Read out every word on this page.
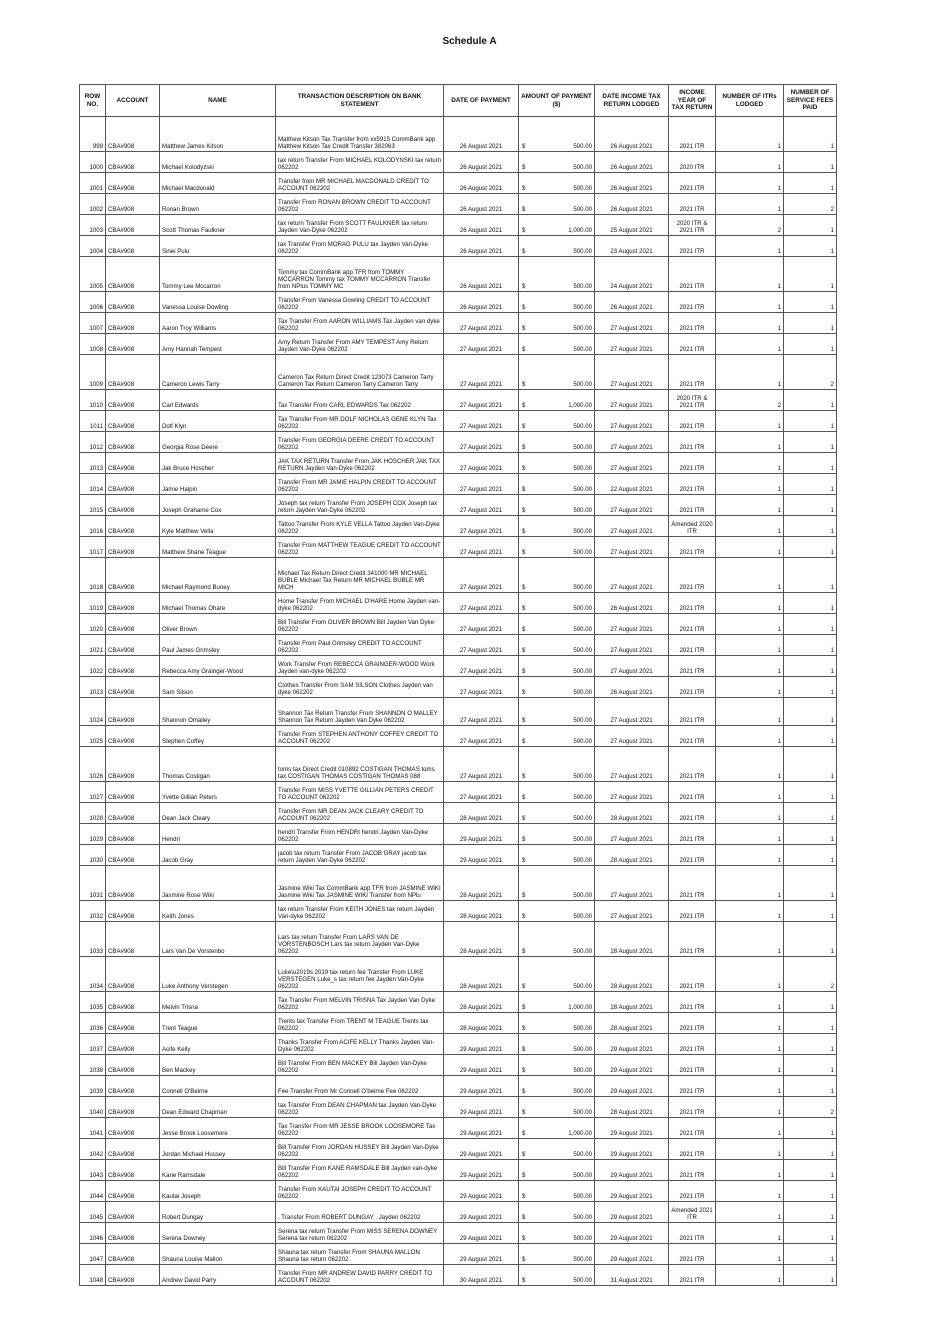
Schedule A
ROW NO.	ACCOUNT	NAME	TRANSACTION DESCRIPTION ON BANK STATEMENT	DATE OF PAYMENT	AMOUNT OF PAYMENT ($)	DATE INCOME TAX RETURN LODGED	INCOME YEAR OF TAX RETURN	NUMBER OF ITRs LODGED	NUMBER OF SERVICE FEES PAID
999	CBA#908	Matthew James Kitson	Matthew Kitson Tax Transfer from xx5915 CommBank app Matthew Kitson Tax Credit Transfer 382063	26 August 2021	$ 500.00	26 August 2021	2021 ITR	1	1
1000	CBA#908	Michael Kolodyzski	tax return Transfer From MICHAEL KOLODYNSKI tax return 062202	26 August 2021	$ 500.00	26 August 2021	2020 ITR	1	1
1001	CBA#908	Michael Macdonald	Transfer from MR MICHAEL MACDONALD CREDIT TO ACCOUNT 062202	26 August 2021	$ 500.00	26 August 2021	2021 ITR	1	1
1002	CBA#908	Ronan Brown	Transfer From RONAN BROWN CREDIT TO ACCOUNT 062202	26 August 2021	$ 500.00	26 August 2021	2021 ITR	1	2
1003	CBA#908	Scott Thomas Faulkner	tax return Transfer From SCOTT FAULKNER tax return Jayden Van-Dyke 062202	26 August 2021	$ 1,000.00	25 August 2021	2020 ITR & 2021 ITR	2	1
1004	CBA#908	Sinei Pulu	tax Transfer From MORAG PULU tax Jayden Van-Dyke 062202	26 August 2021	$ 500.00	23 August 2021	2021 ITR	1	1
1005	CBA#908	Tommy Lee Mccarron	Tommy tax CommBank app TFR from TOMMY MCCARRON Tommy tax TOMMY MCCARRON Transfer from NPlus TOMMY MC	26 August 2021	$ 500.00	24 August 2021	2021 ITR	1	1
1006	CBA#908	Vanessa Louise Dowling	Transfer From Vanessa Dowling CREDIT TO ACCOUNT 062202	26 August 2021	$ 500.00	26 August 2021	2021 ITR	1	1
1007	CBA#908	Aaron Troy Williams	Tax Transfer From AARON WILLIAMS Tax Jayden van dyke 062202	27 August 2021	$ 500.00	27 August 2021	2021 ITR	1	1
1008	CBA#908	Amy Hannah Tempest	Amy Return Transfer From AMY TEMPEST Amy Return Jayden Van-Dyke 062202	27 August 2021	$ 500.00	27 August 2021	2021 ITR	1	1
1009	CBA#908	Cameron Lewis Tarry	Cameron Tax Return Direct Credit 123073 Cameron Tarry Cameron Tax Return Cameron Tarry Cameron Tarry	27 August 2021	$ 500.00	27 August 2021	2021 ITR	1	2
1010	CBA#908	Carl Edwards	Tax Transfer From CARL EDWARDS Tax 062202	27 August 2021	$ 1,000.00	27 August 2021	2020 ITR & 2021 ITR	2	1
1011	CBA#908	Dolf Klyn	Tax Transfer From MR DOLF NICHOLAS GENE KLYN Tax 062202	27 August 2021	$ 500.00	27 August 2021	2021 ITR	1	1
1012	CBA#908	Georgia Rose Deere	Transfer From GEORGIA DEERE CREDIT TO ACCOUNT 062202	27 August 2021	$ 500.00	27 August 2021	2021 ITR	1	1
1013	CBA#908	Jak Bruce Hoscher	JAK TAX RETURN Transfer From JAK HOSCHER JAK TAX RETURN Jayden Van-Dyke 062202	27 August 2021	$ 500.00	27 August 2021	2021 ITR	1	1
1014	CBA#908	Jamie Halpin	Transfer From MR JAMIE HALPIN CREDIT TO ACCOUNT 062202	27 August 2021	$ 500.00	22 August 2021	2021 ITR	1	1
1015	CBA#908	Joseph Grahame Cox	Joseph tax return Transfer From JOSEPH COX Joseph tax return Jayden Van-Dyke 062202	27 August 2021	$ 500.00	27 August 2021	2021 ITR	1	1
1016	CBA#908	Kyle Matthew Vella	Tattoo Transfer From KYLE VELLA Tattoo Jayden Van-Dyke 062202	27 August 2021	$ 500.00	27 August 2021	Amended 2020 ITR	1	1
1017	CBA#908	Matthew Shane Teague	Transfer From MATTHEW TEAGUE CREDIT TO ACCOUNT 062202	27 August 2021	$ 500.00	27 August 2021	2021 ITR	1	1
1018	CBA#908	Michael Raymond Buney	Michael Tax Return Direct Credit 341000 MR MICHAEL BUBLE Michael Tax Return MR MICHAEL BUBLE MR MICH	27 August 2021	$ 500.00	27 August 2021	2021 ITR	1	1
1019	CBA#908	Michael Thomas Ohare	Home Transfer From MICHAEL O'HARE Home Jayden van-dyke 062202	27 August 2021	$ 500.00	26 August 2021	2021 ITR	1	1
1020	CBA#908	Oliver Brown	Bill Transfer From OLIVER BROWN Bill Jayden Van Dyke 062202	27 August 2021	$ 500.00	27 August 2021	2021 ITR	1	1
1021	CBA#908	Paul James Grimsley	Transfer From Paul Grimsley CREDIT TO ACCOUNT 062202	27 August 2021	$ 500.00	27 August 2021	2021 ITR	1	1
1022	CBA#908	Rebecca Amy Grainger-Wood	Work Transfer From REBECCA GRAINGER-WOOD Work Jayden van-dyke 062202	27 August 2021	$ 500.00	27 August 2021	2021 ITR	1	1
1023	CBA#908	Sam Silson	Clothes Transfer From SAM SILSON Clothes Jayden van dyke 062202	27 August 2021	$ 500.00	26 August 2021	2021 ITR	1	1
1024	CBA#908	Shannon Omalley	Shannon Tax Return Transfer From SHANNON O MALLEY Shannon Tax Return Jayden Van Dyke 062202	27 August 2021	$ 500.00	27 August 2021	2021 ITR	1	1
1025	CBA#908	Stephen Coffey	Transfer From STEPHEN ANTHONY COFFEY CREDIT TO ACCOUNT 062202	27 August 2021	$ 500.00	27 August 2021	2021 ITR	1	1
1026	CBA#908	Thomas Costigan	toms tax Direct Credit 010892 COSTIGAN THOMAS toms tax COSTIGAN THOMAS COSTIGAN THOMAS 088	27 August 2021	$ 500.00	27 August 2021	2021 ITR	1	1
1027	CBA#908	Yvette Gillian Peters	Transfer From MISS YVETTE GILLIAN PETERS CREDIT TO ACCOUNT 062202	27 August 2021	$ 500.00	27 August 2021	2021 ITR	1	1
1028	CBA#908	Dean Jack Cleary	Transfer From MR DEAN JACK CLEARY CREDIT TO ACCOUNT 062202	28 August 2021	$ 500.00	28 August 2021	2021 ITR	1	1
1029	CBA#908	Hendri	hendri Transfer From HENDRI hendri Jayden Van-Dyke 062202	29 August 2021	$ 500.00	27 August 2021	2021 ITR	1	1
1030	CBA#908	Jacob Gray	jacob tax return Transfer From JACOB GRAY jacob tax return Jayden Van-Dyke 062202	29 August 2021	$ 500.00	28 August 2021	2021 ITR	1	1
1031	CBA#908	Jasmine Rose Wiki	Jasmine Wiki Tax CommBank app TFR from JASMINE WIKI Jasmine Wiki Tax JASMINE WIKI Transfer from NPlu	28 August 2021	$ 500.00	27 August 2021	2021 ITR	1	1
1032	CBA#908	Keith Jones	tax return Transfer From KEITH JONES tax return Jayden Van-dyke 062202	28 August 2021	$ 500.00	27 August 2021	2021 ITR	1	1
1033	CBA#908	Lars Van De Vorstenbo	Lars tax return Transfer From LARS VAN DE VORSTENBOSCH Lars tax return Jayden Van-Dyke 062202	28 August 2021	$ 500.00	28 August 2021	2021 ITR	1	1
1034	CBA#908	Luke Anthony Verstegen	Luke\u2019s 2019 tax return fee Transfer From LUKE VERSTEGEN Luke_s tax return fee Jayden Van-Dyke 062202	28 August 2021	$ 500.00	28 August 2021	2021 ITR	1	2
1035	CBA#908	Melvin Trisna	Tax Transfer From MELVIN TRISNA Tax Jayden Van Dyke 062202	28 August 2021	$ 1,000.00	28 August 2021	2021 ITR	1	1
1036	CBA#908	Trent Teague	Trents tax Transfer From TRENT M TEAGUE Trents tax 062202	28 August 2021	$ 500.00	28 August 2021	2021 ITR	1	1
1037	CBA#908	Acife Kelly	Thanks Transfer From ACIFE KELLY Thanks Jayden Van-Dyke 062202	29 August 2021	$ 500.00	29 August 2021	2021 ITR	1	1
1038	CBA#908	Ben Mackey	Bill Transfer From BEN MACKEY Bill Jayden Van-Dyke 062202	29 August 2021	$ 500.00	29 August 2021	2021 ITR	1	1
1039	CBA#908	Connell O'Beirne	Fee Transfer From Mr Connell O'beirne Fee 062202	29 August 2021	$ 500.00	29 August 2021	2021 ITR	1	1
1040	CBA#908	Dean Edward Chapman	tax Transfer From DEAN CHAPMAN tax Jayden Van-Dyke 062202	29 August 2021	$ 500.00	28 August 2021	2021 ITR	1	2
1041	CBA#908	Jesse Brook Loosemore	Tax Transfer From MR JESSE BROOK LOOSEMORE Tax 062202	29 August 2021	$ 1,000.00	29 August 2021	2021 ITR	1	1
1042	CBA#908	Jordan Michael Hussey	Bill Transfer From JORDAN HUSSEY Bill Jayden Van-Dyke 062202	29 August 2021	$ 500.00	29 August 2021	2021 ITR	1	1
1043	CBA#908	Kane Ramsdale	Bill Transfer From KANE RAMSDALE Bill Jayden van-dyke 062202	29 August 2021	$ 500.00	29 August 2021	2021 ITR	1	1
1044	CBA#908	Kautai Joseph	Transfer From KAUTAI JOSEPH CREDIT TO ACCOUNT 062202	29 August 2021	$ 500.00	29 August 2021	2021 ITR	1	1
1045	CBA#908	Robert Dungay	. Transfer From ROBERT DUNGAY . Jayden 062202	29 August 2021	$ 500.00	29 August 2021	Amended 2021 ITR	1	1
1046	CBA#908	Serena Downey	Serena tax return Transfer From MISS SERENA DOWNEY Serena tax return 062202	29 August 2021	$ 500.00	29 August 2021	2021 ITR	1	1
1047	CBA#908	Shauna Louise Mallon	Shauna tax return Transfer From SHAUNA MALLON Shauna tax return 062202	29 August 2021	$ 500.00	29 August 2021	2021 ITR	1	1
1048	CBA#908	Andrew David Parry	Transfer From MR ANDREW DAVID PARRY CREDIT TO ACCOUNT 062202	30 August 2021	$ 500.00	31 August 2021	2021 ITR	1	1
